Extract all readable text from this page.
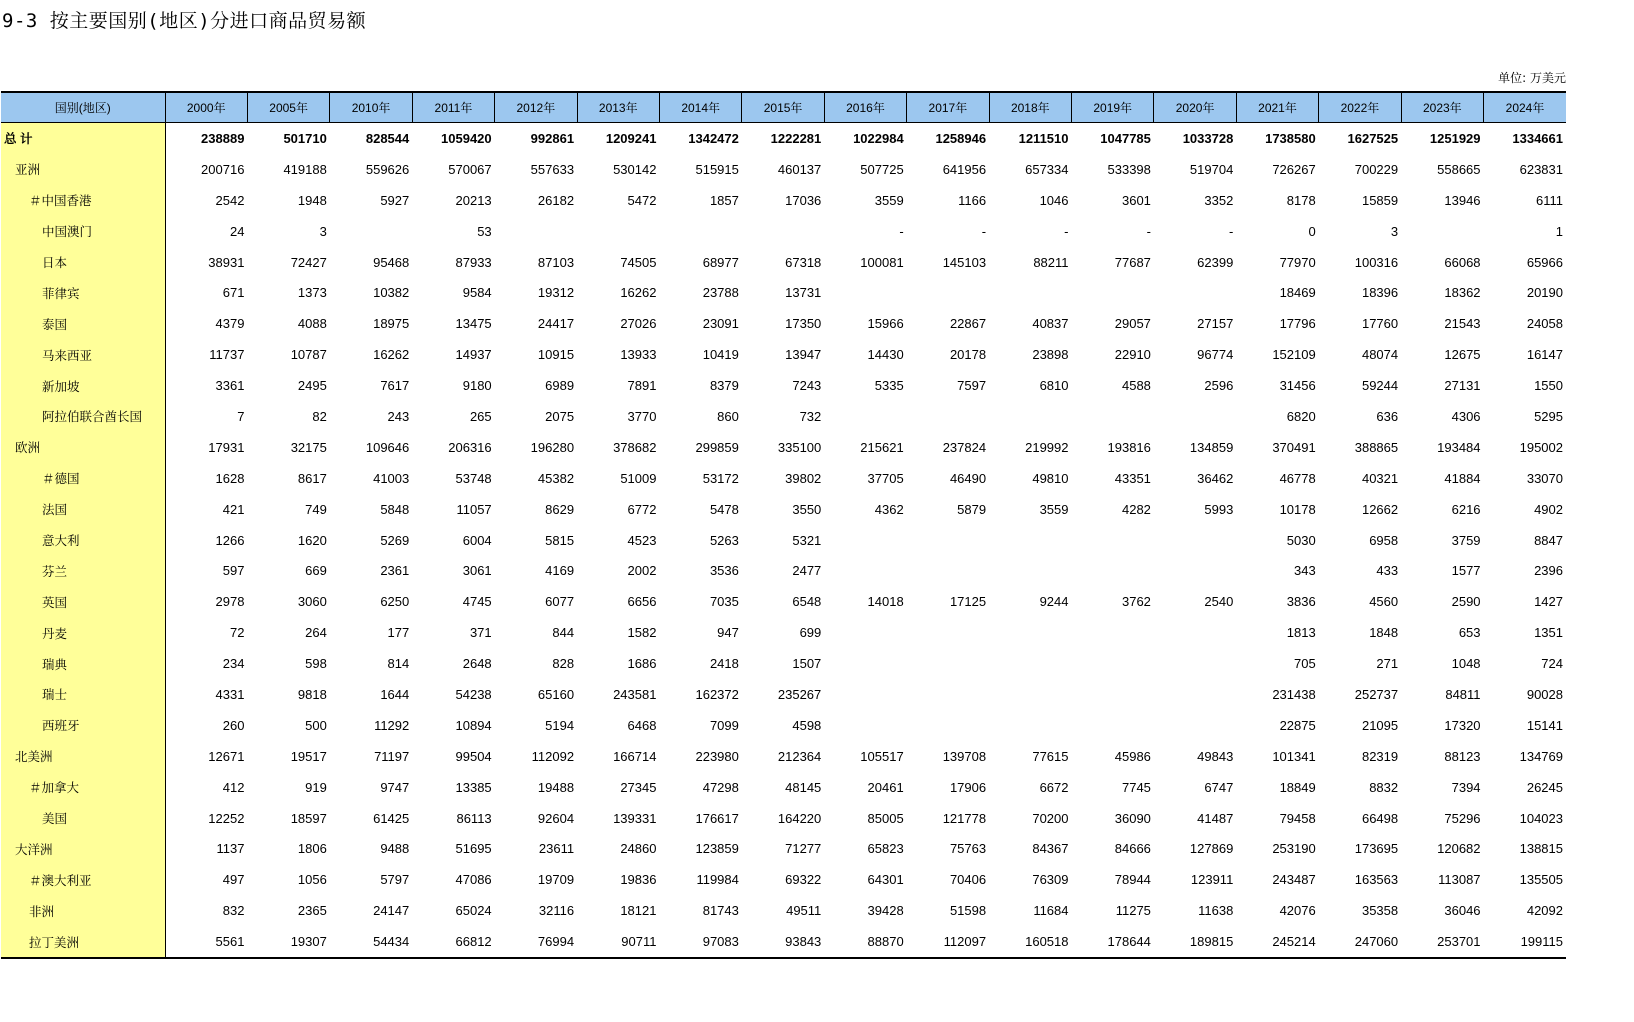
9-3 按主要国别(地区)分进口商品贸易额
单位: 万美元
国别(地区)	2000年	2005年	2010年	2011年	2012年	2013年	2014年	2015年	2016年	2017年	2018年	2019年	2020年	2021年	2022年	2023年	2024年
总 计	238889	501710	828544	1059420	992861	1209241	1342472	1222281	1022984	1258946	1211510	1047785	1033728	1738580	1627525	1251929	1334661
亚洲	200716	419188	559626	570067	557633	530142	515915	460137	507725	641956	657334	533398	519704	726267	700229	558665	623831
＃中国香港	2542	1948	5927	20213	26182	5472	1857	17036	3559	1166	1046	3601	3352	8178	15859	13946	6111
中国澳门	24	3		53					-	-	-	-	-	0	3		1
日本	38931	72427	95468	87933	87103	74505	68977	67318	100081	145103	88211	77687	62399	77970	100316	66068	65966
菲律宾	671	1373	10382	9584	19312	16262	23788	13731						18469	18396	18362	20190
泰国	4379	4088	18975	13475	24417	27026	23091	17350	15966	22867	40837	29057	27157	17796	17760	21543	24058
马来西亚	11737	10787	16262	14937	10915	13933	10419	13947	14430	20178	23898	22910	96774	152109	48074	12675	16147
新加坡	3361	2495	7617	9180	6989	7891	8379	7243	5335	7597	6810	4588	2596	31456	59244	27131	1550
阿拉伯联合酋长国	7	82	243	265	2075	3770	860	732						6820	636	4306	5295
欧洲	17931	32175	109646	206316	196280	378682	299859	335100	215621	237824	219992	193816	134859	370491	388865	193484	195002
＃德国	1628	8617	41003	53748	45382	51009	53172	39802	37705	46490	49810	43351	36462	46778	40321	41884	33070
法国	421	749	5848	11057	8629	6772	5478	3550	4362	5879	3559	4282	5993	10178	12662	6216	4902
意大利	1266	1620	5269	6004	5815	4523	5263	5321						5030	6958	3759	8847
芬兰	597	669	2361	3061	4169	2002	3536	2477						343	433	1577	2396
英国	2978	3060	6250	4745	6077	6656	7035	6548	14018	17125	9244	3762	2540	3836	4560	2590	1427
丹麦	72	264	177	371	844	1582	947	699						1813	1848	653	1351
瑞典	234	598	814	2648	828	1686	2418	1507						705	271	1048	724
瑞士	4331	9818	1644	54238	65160	243581	162372	235267						231438	252737	84811	90028
西班牙	260	500	11292	10894	5194	6468	7099	4598						22875	21095	17320	15141
北美洲	12671	19517	71197	99504	112092	166714	223980	212364	105517	139708	77615	45986	49843	101341	82319	88123	134769
＃加拿大	412	919	9747	13385	19488	27345	47298	48145	20461	17906	6672	7745	6747	18849	8832	7394	26245
美国	12252	18597	61425	86113	92604	139331	176617	164220	85005	121778	70200	36090	41487	79458	66498	75296	104023
大洋洲	1137	1806	9488	51695	23611	24860	123859	71277	65823	75763	84367	84666	127869	253190	173695	120682	138815
＃澳大利亚	497	1056	5797	47086	19709	19836	119984	69322	64301	70406	76309	78944	123911	243487	163563	113087	135505
非洲	832	2365	24147	65024	32116	18121	81743	49511	39428	51598	11684	11275	11638	42076	35358	36046	42092
拉丁美洲	5561	19307	54434	66812	76994	90711	97083	93843	88870	112097	160518	178644	189815	245214	247060	253701	199115
